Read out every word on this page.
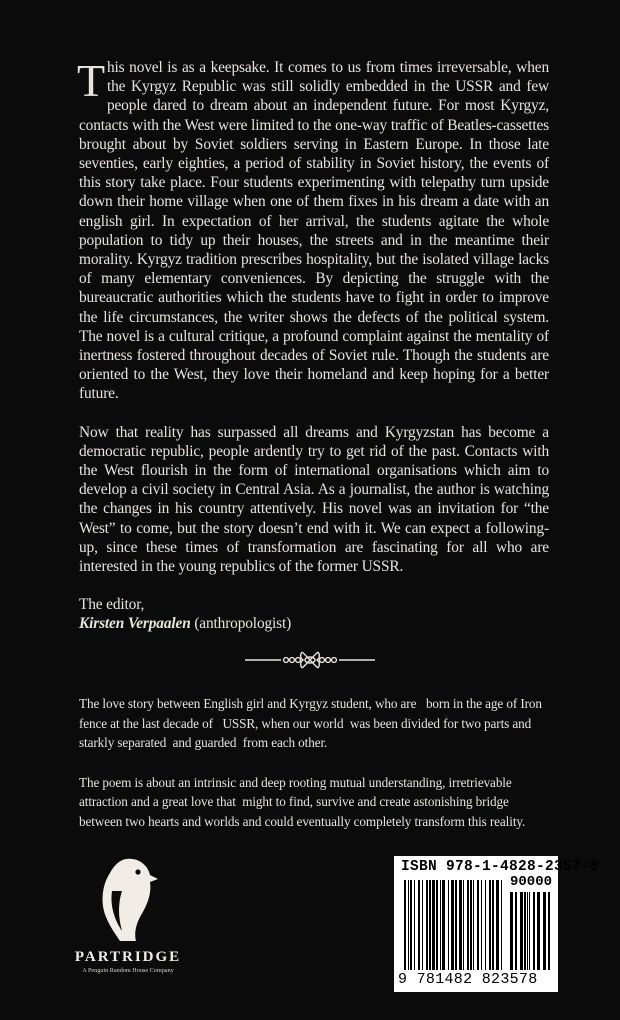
This novel is as a keepsake. It comes to us from times irreversable, when the Kyrgyz Republic was still solidly embedded in the USSR and few people dared to dream about an independent future. For most Kyrgyz, contacts with the West were limited to the one-way traffic of Beatles-cassettes brought about by Soviet soldiers serving in Eastern Europe. In those late seventies, early eighties, a period of stability in Soviet history, the events of this story take place. Four students experimenting with telepathy turn upside down their home village when one of them fixes in his dream a date with an english girl. In expectation of her arrival, the students agitate the whole population to tidy up their houses, the streets and in the meantime their morality. Kyrgyz tradition prescribes hospitality, but the isolated village lacks of many elementary conveniences. By depicting the struggle with the bureaucratic authorities which the students have to fight in order to improve the life circumstances, the writer shows the defects of the political system. The novel is a cultural critique, a profound complaint against the mentality of inertness fostered throughout decades of Soviet rule. Though the students are oriented to the West, they love their homeland and keep hoping for a better future.

Now that reality has surpassed all dreams and Kyrgyzstan has become a democratic republic, people ardently try to get rid of the past. Contacts with the West flourish in the form of international organisations which aim to develop a civil society in Central Asia. As a journalist, the author is watching the changes in his country attentively. His novel was an invitation for “the West” to come, but the story doesn’t end with it. We can expect a following-up, since these times of transformation are fascinating for all who are interested in the young republics of the former USSR.

The editor,
Kirsten Verpaalen (anthropologist)

The love story between English girl and Kyrgyz student, who are   born in the age of Iron fence at the last decade of   USSR, when our world  was been divided for two parts and starkly separated  and guarded  from each other.

The poem is about an intrinsic and deep rooting mutual understanding, irretrievable attraction and a great love that  might to find, survive and create astonishing bridge between two hearts and worlds and could eventually completely transform this reality.

PARTRIDGE
A Penguin Random House Company
ISBN 978-1-4828-2357-8
90000
9 781482 823578
